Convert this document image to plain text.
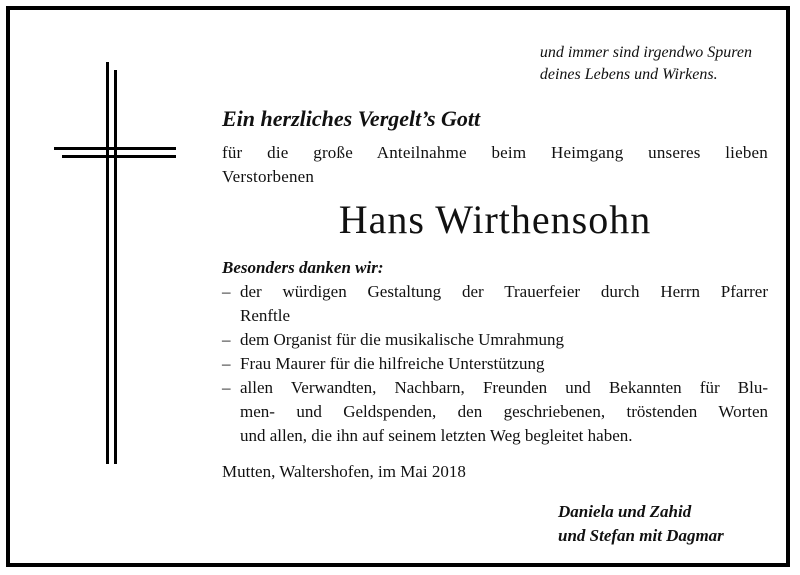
und immer sind irgendwo Spuren
deines Lebens und Wirkens.
Ein herzliches Vergelt’s Gott
für die große Anteilnahme beim Heimgang unseres lieben
Verstorbenen
Hans Wirthensohn
Besonders danken wir:
– der würdigen Gestaltung der Trauerfeier durch Herrn Pfarrer
Renftle
– dem Organist für die musikalische Umrahmung
– Frau Maurer für die hilfreiche Unterstützung
– allen Verwandten, Nachbarn, Freunden und Bekannten für Blu-
men- und Geldspenden, den geschriebenen, tröstenden Worten
und allen, die ihn auf seinem letzten Weg begleitet haben.
Mutten, Waltershofen, im Mai 2018
Daniela und Zahid
und Stefan mit Dagmar
